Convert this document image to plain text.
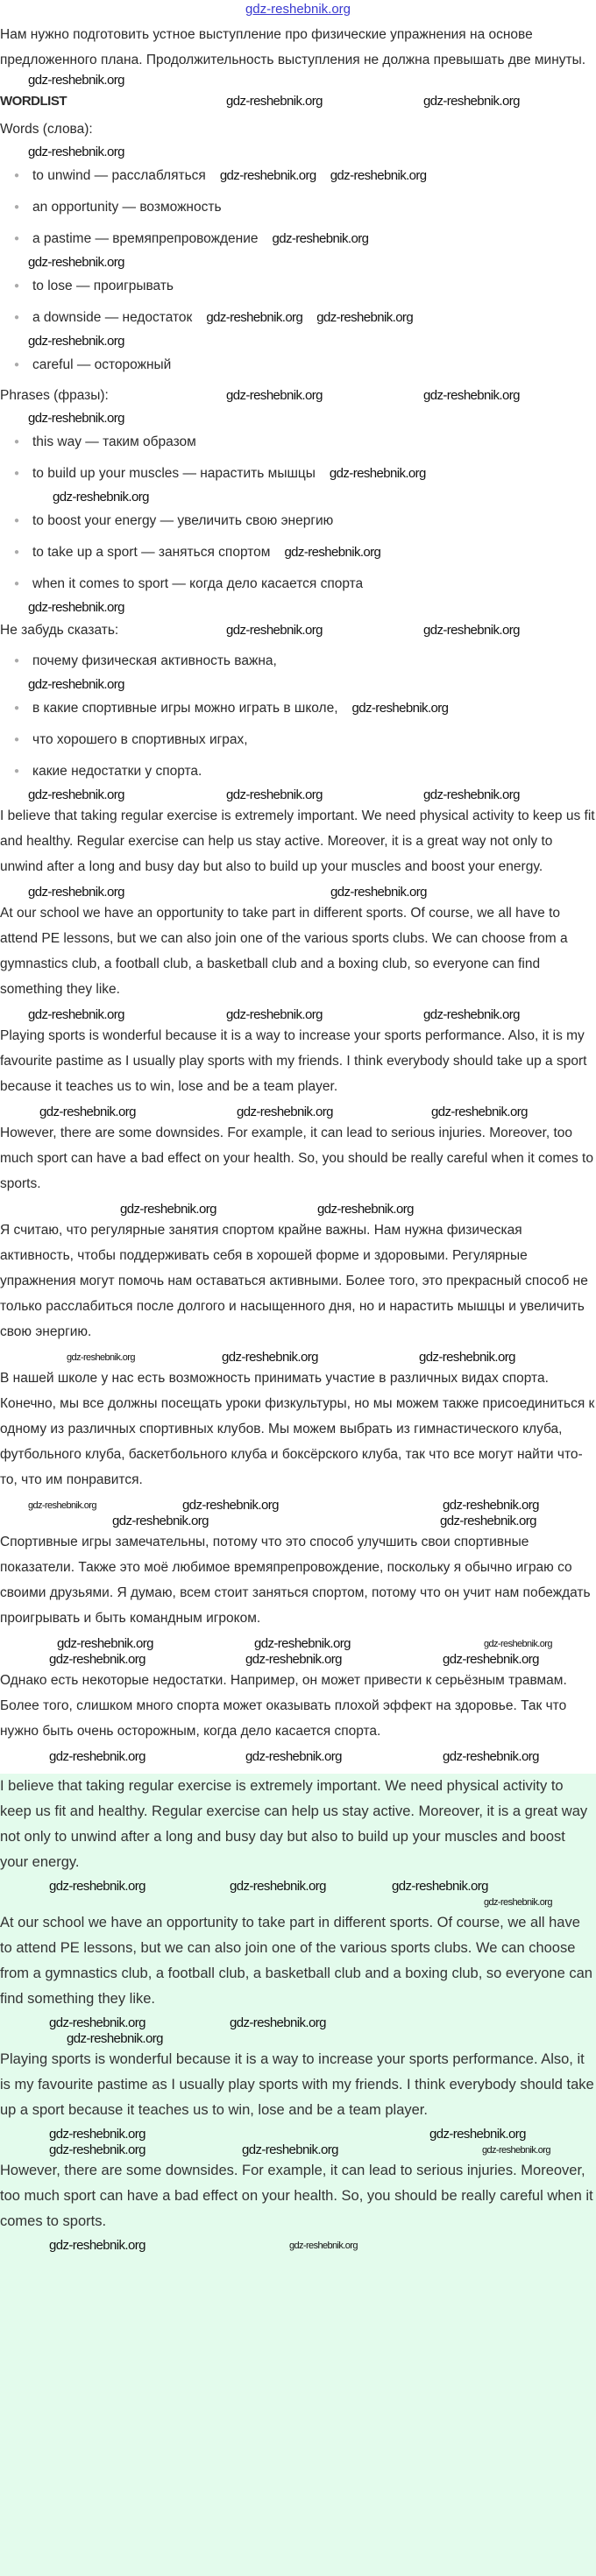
gdz-reshebnik.org

Нам нужно подготовить устное выступление про физические упражнения на основе предложенного плана. Продолжительность выступления не должна превышать две минуты.

gdz-reshebnik.org
WORDLIST	gdz-reshebnik.org	gdz-reshebnik.org

Words (слова):

gdz-reshebnik.org
● to unwind — расслабляться gdz-reshebnik.org gdz-reshebnik.org
● an opportunity — возможность
● a pastime — времяпрепровождение gdz-reshebnik.org
gdz-reshebnik.org
● to lose — проигрывать
● a downside — недостаток gdz-reshebnik.org gdz-reshebnik.org
gdz-reshebnik.org
● careful — осторожный
Phrases (фразы):	gdz-reshebnik.org	gdz-reshebnik.org
gdz-reshebnik.org
● this way — таким образом
● to build up your muscles — нарастить мышцы gdz-reshebnik.org
gdz-reshebnik.org
● to boost your energy — увеличить свою энергию
● to take up a sport — заняться спортом gdz-reshebnik.org
● when it comes to sport — когда дело касается спорта
gdz-reshebnik.org
Не забудь сказать:	gdz-reshebnik.org	gdz-reshebnik.org
● почему физическая активность важна,
gdz-reshebnik.org
● в какие спортивные игры можно играть в школе, gdz-reshebnik.org
● что хорошего в спортивных играх,
● какие недостатки у спорта.
gdz-reshebnik.org	gdz-reshebnik.org	gdz-reshebnik.org

I believe that taking regular exercise is extremely important. We need physical activity to keep us fit and healthy. Regular exercise can help us stay active. Moreover, it is a great way not only to unwind after a long and busy day but also to build up your muscles and boost your energy.

gdz-reshebnik.org	gdz-reshebnik.org

At our school we have an opportunity to take part in different sports. Of course, we all have to attend PE lessons, but we can also join one of the various sports clubs. We can choose from a gymnastics club, a football club, a basketball club and a boxing club, so everyone can find something they like.

gdz-reshebnik.org	gdz-reshebnik.org	gdz-reshebnik.org

Playing sports is wonderful because it is a way to increase your sports performance. Also, it is my favourite pastime as I usually play sports with my friends. I think everybody should take up a sport because it teaches us to win, lose and be a team player.

gdz-reshebnik.org	gdz-reshebnik.org	gdz-reshebnik.org

However, there are some downsides. For example, it can lead to serious injuries. Moreover, too much sport can have a bad effect on your health. So, you should be really careful when it comes to sports.

gdz-reshebnik.org	gdz-reshebnik.org

Я считаю, что регулярные занятия спортом крайне важны. Нам нужна физическая активность, чтобы поддерживать себя в хорошей форме и здоровыми. Регулярные упражнения могут помочь нам оставаться активными. Более того, это прекрасный способ не только расслабиться после долгого и насыщенного дня, но и нарастить мышцы и увеличить свою энергию.

gdz-reshebnik.org	gdz-reshebnik.org	gdz-reshebnik.org

В нашей школе у нас есть возможность принимать участие в различных видах спорта. Конечно, мы все должны посещать уроки физкультуры, но мы можем также присоединиться к одному из различных спортивных клубов. Мы можем выбрать из гимнастического клуба, футбольного клуба, баскетбольного клуба и боксёрского клуба, так что все могут найти что-то, что им понравится.

gdz-reshebnik.org	gdz-reshebnik.org	gdz-reshebnik.org
gdz-reshebnik.org	gdz-reshebnik.org

Спортивные игры замечательны, потому что это способ улучшить свои спортивные показатели. Также это моё любимое времяпрепровождение, поскольку я обычно играю со своими друзьями. Я думаю, всем стоит заняться спортом, потому что он учит нам побеждать проигрывать и быть командным игроком.

gdz-reshebnik.org	gdz-reshebnik.org	gdz-reshebnik.org
gdz-reshebnik.org	gdz-reshebnik.org	gdz-reshebnik.org

Однако есть некоторые недостатки. Например, он может привести к серьёзным травмам. Более того, слишком много спорта может оказывать плохой эффект на здоровье. Так что нужно быть очень осторожным, когда дело касается спорта.

gdz-reshebnik.org	gdz-reshebnik.org	gdz-reshebnik.org

I believe that taking regular exercise is extremely important. We need physical activity to keep us fit and healthy. Regular exercise can help us stay active. Moreover, it is a great way not only to unwind after a long and busy day but also to build up your muscles and boost your energy.

gdz-reshebnik.org	gdz-reshebnik.org	gdz-reshebnik.org
gdz-reshebnik.org

At our school we have an opportunity to take part in different sports. Of course, we all have to attend PE lessons, but we can also join one of the various sports clubs. We can choose from a gymnastics club, a football club, a basketball club and a boxing club, so everyone can find something they like.

gdz-reshebnik.org	gdz-reshebnik.org
gdz-reshebnik.org

Playing sports is wonderful because it is a way to increase your sports performance. Also, it is my favourite pastime as I usually play sports with my friends. I think everybody should take up a sport because it teaches us to win, lose and be a team player.

gdz-reshebnik.org	gdz-reshebnik.org
gdz-reshebnik.org	gdz-reshebnik.org	gdz-reshebnik.org

However, there are some downsides. For example, it can lead to serious injuries. Moreover, too much sport can have a bad effect on your health. So, you should be really careful when it comes to sports.

gdz-reshebnik.org	gdz-reshebnik.org
